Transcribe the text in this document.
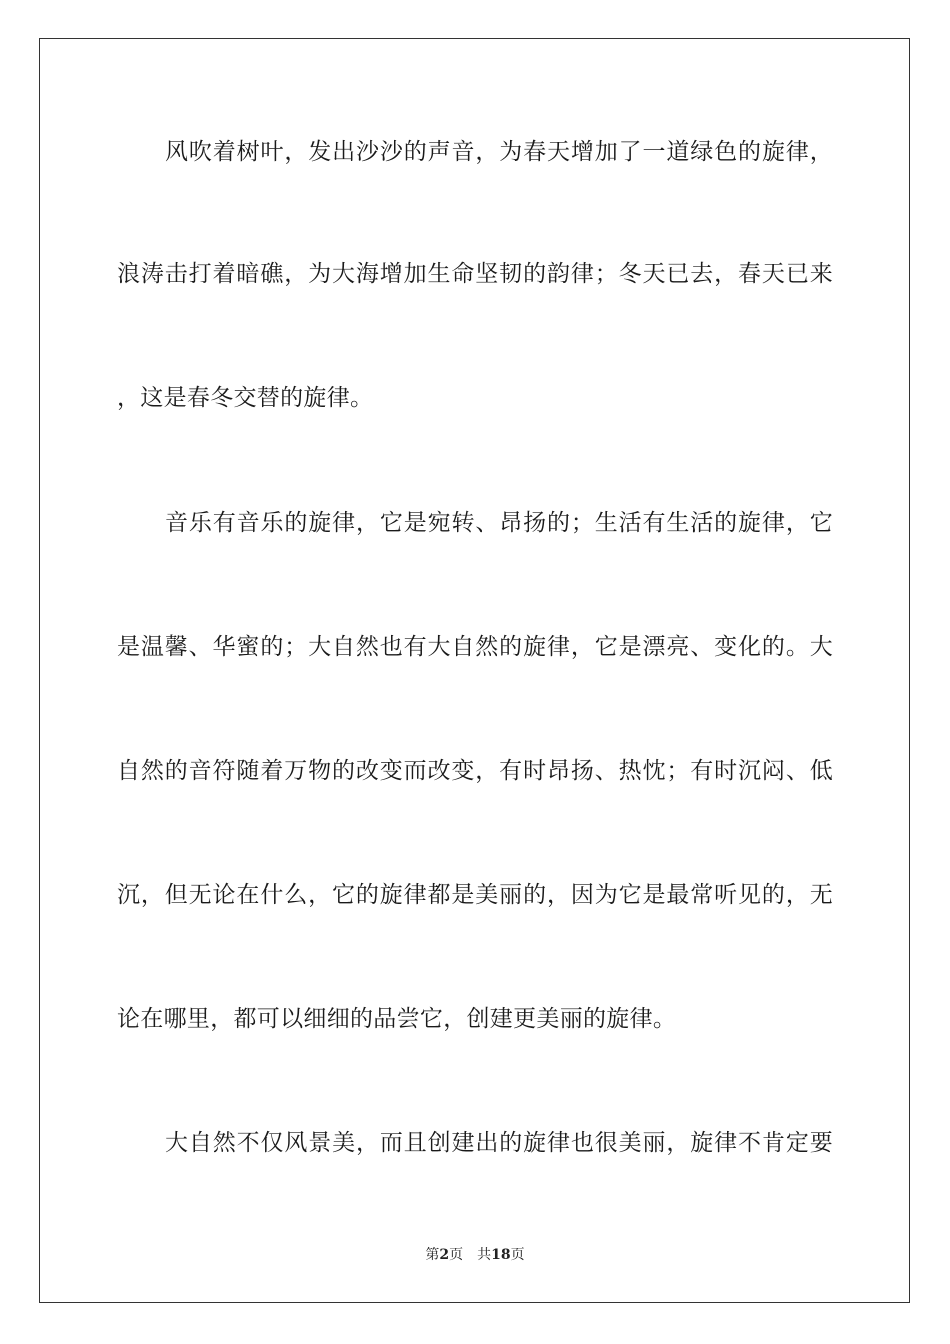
风吹着树叶，发出沙沙的声音，为春天增加了一道绿色的旋律，
浪涛击打着暗礁，为大海增加生命坚韧的韵律；冬天已去，春天已来
，这是春冬交替的旋律。
音乐有音乐的旋律，它是宛转、昂扬的；生活有生活的旋律，它
是温馨、华蜜的；大自然也有大自然的旋律，它是漂亮、变化的。大
自然的音符随着万物的改变而改变，有时昂扬、热忱；有时沉闷、低
沉，但无论在什么，它的旋律都是美丽的，因为它是最常听见的，无
论在哪里，都可以细细的品尝它，创建更美丽的旋律。
大自然不仅风景美，而且创建出的旋律也很美丽，旋律不肯定要
第2页 共18页
